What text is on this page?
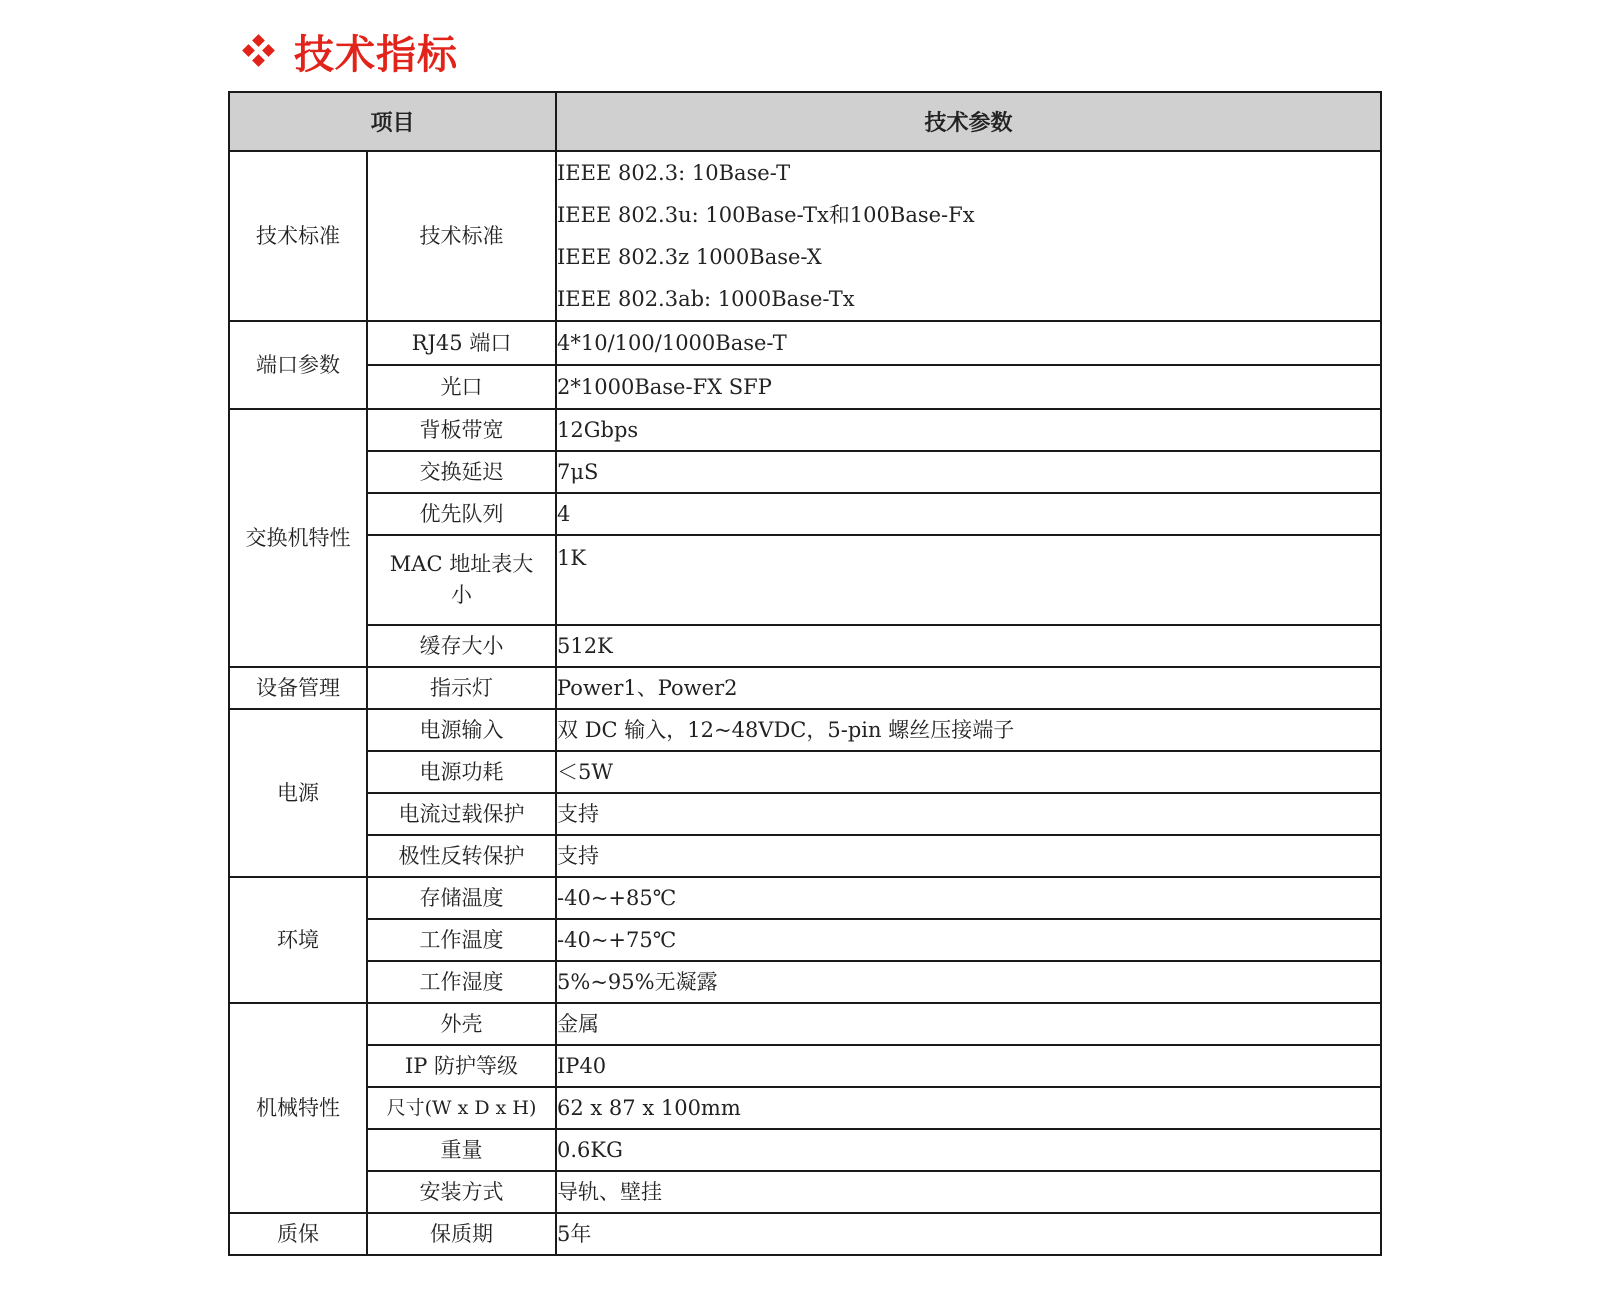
技术指标
项目		技术参数
技术标准	技术标准	IEEE 802.3: 10Base-T
IEEE 802.3u: 100Base-Tx和100Base-Fx
IEEE 802.3z 1000Base-X
IEEE 802.3ab: 1000Base-Tx

端口参数	RJ45 端口	4*10/100/1000Base-T
	光口	2*1000Base-FX SFP
交换机特性	背板带宽	12Gbps
	交换延迟	7μS
	优先队列	4
	MAC 地址表大小	1K
	缓存大小	512K
设备管理	指示灯	Power1、Power2
电源	电源输入	双 DC 输入，12~48VDC，5-pin 螺丝压接端子
	电源功耗	＜5W
	电流过载保护	支持
	极性反转保护	支持
环境	存储温度	-40~+85℃
	工作温度	-40~+75℃
	工作湿度	5%~95%无凝露
机械特性	外壳	金属
	IP 防护等级	IP40
	尺寸(W x D x H)	62 x 87 x 100mm
	重量	0.6KG
	安装方式	导轨、壁挂
质保	保质期	5年
